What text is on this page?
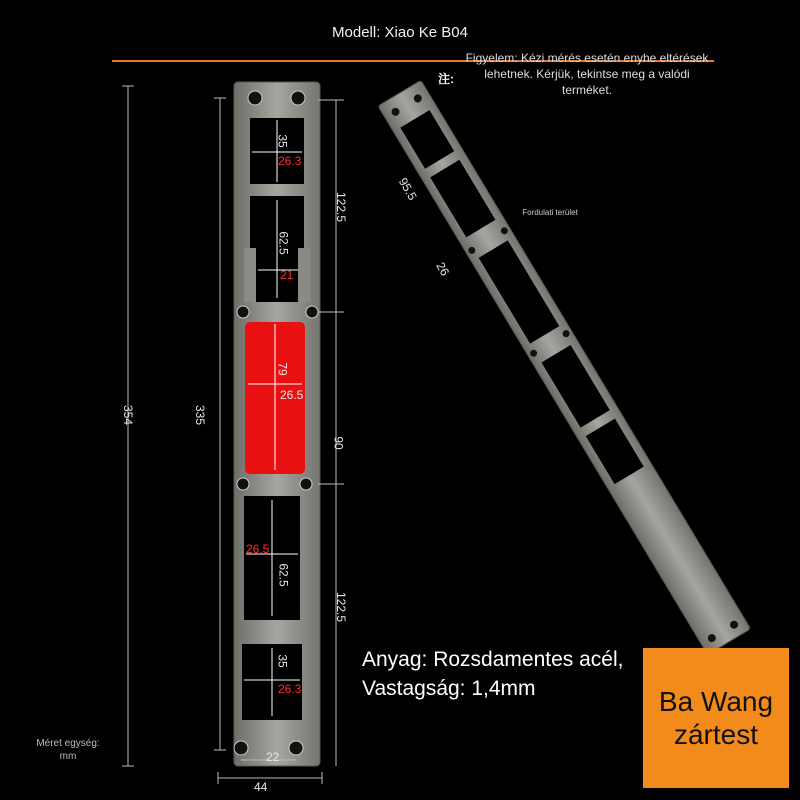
Modell: Xiao Ke B04
注:
Figyelem: Kézi mérés esetén enyhe eltérések lehetnek. Kérjük, tekintse meg a valódi terméket.
354	335
44
22
122.5
90
122.5
35
26.3
62.5
21
79
26.5
26.5
62.5
35
26.3
95.5
26
Fordulati terület
Anyag: Rozsdamentes acél, Vastagság: 1,4mm	Ba Wang zártest
Méret egység: mm
